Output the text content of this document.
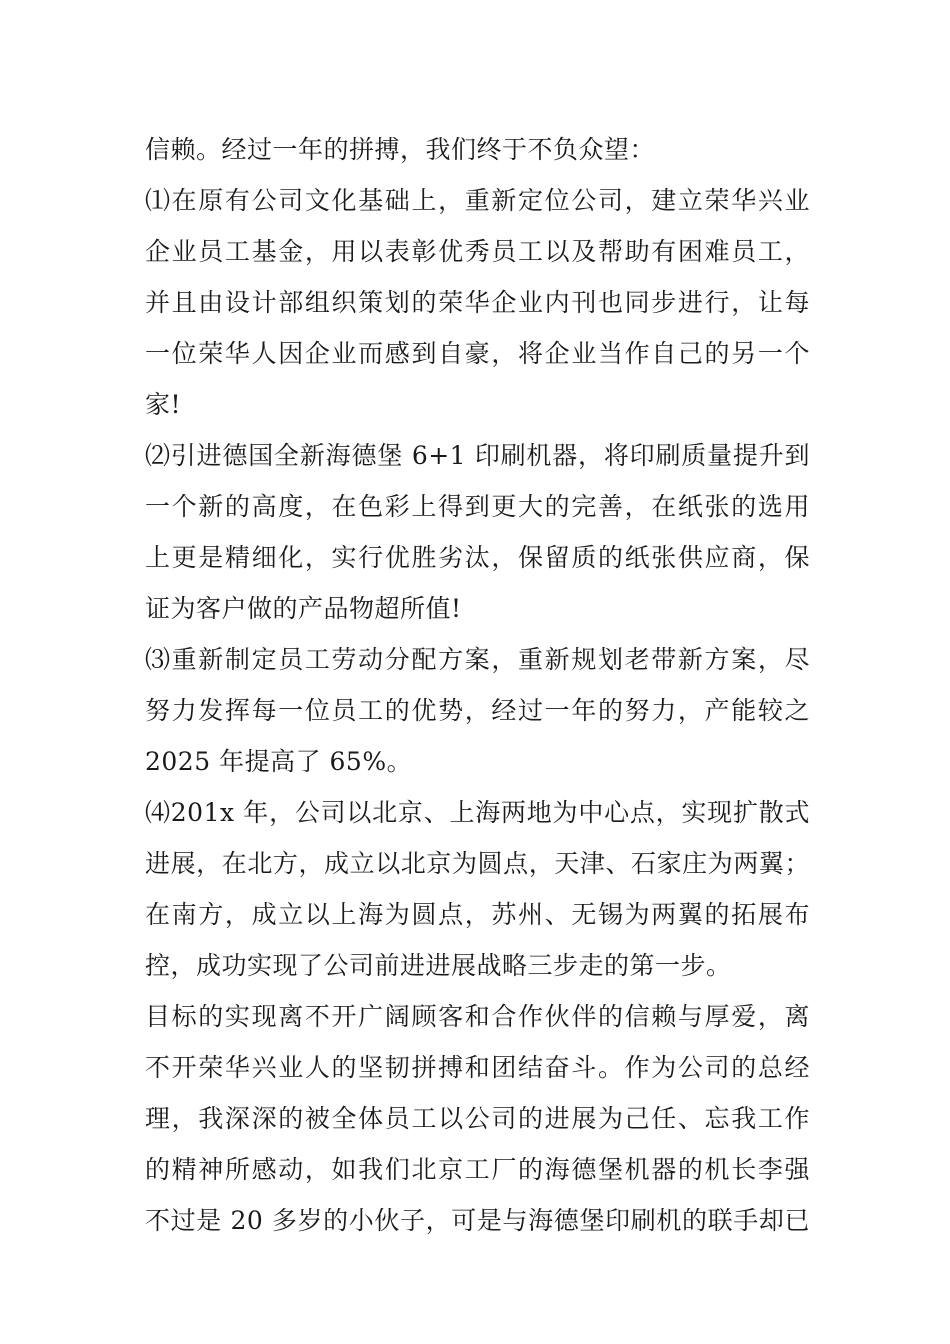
信赖。经过一年的拼搏，我们终于不负众望：
⑴在原有公司文化基础上，重新定位公司，建立荣华兴业
企业员工基金，用以表彰优秀员工以及帮助有困难员工，
并且由设计部组织策划的荣华企业内刊也同步进行，让每
一位荣华人因企业而感到自豪，将企业当作自己的另一个
家!
⑵引进德国全新海德堡 6+1 印刷机器，将印刷质量提升到
一个新的高度，在色彩上得到更大的完善，在纸张的选用
上更是精细化，实行优胜劣汰，保留质的纸张供应商，保
证为客户做的产品物超所值!
⑶重新制定员工劳动分配方案，重新规划老带新方案，尽
努力发挥每一位员工的优势，经过一年的努力，产能较之
2025 年提高了 65%。
⑷201x 年，公司以北京、上海两地为中心点，实现扩散式
进展，在北方，成立以北京为圆点，天津、石家庄为两翼；
在南方，成立以上海为圆点，苏州、无锡为两翼的拓展布
控，成功实现了公司前进进展战略三步走的第一步。
目标的实现离不开广阔顾客和合作伙伴的信赖与厚爱，离
不开荣华兴业人的坚韧拼搏和团结奋斗。作为公司的总经
理，我深深的被全体员工以公司的进展为己任、忘我工作
的精神所感动，如我们北京工厂的海德堡机器的机长李强
不过是 20 多岁的小伙子，可是与海德堡印刷机的联手却已
